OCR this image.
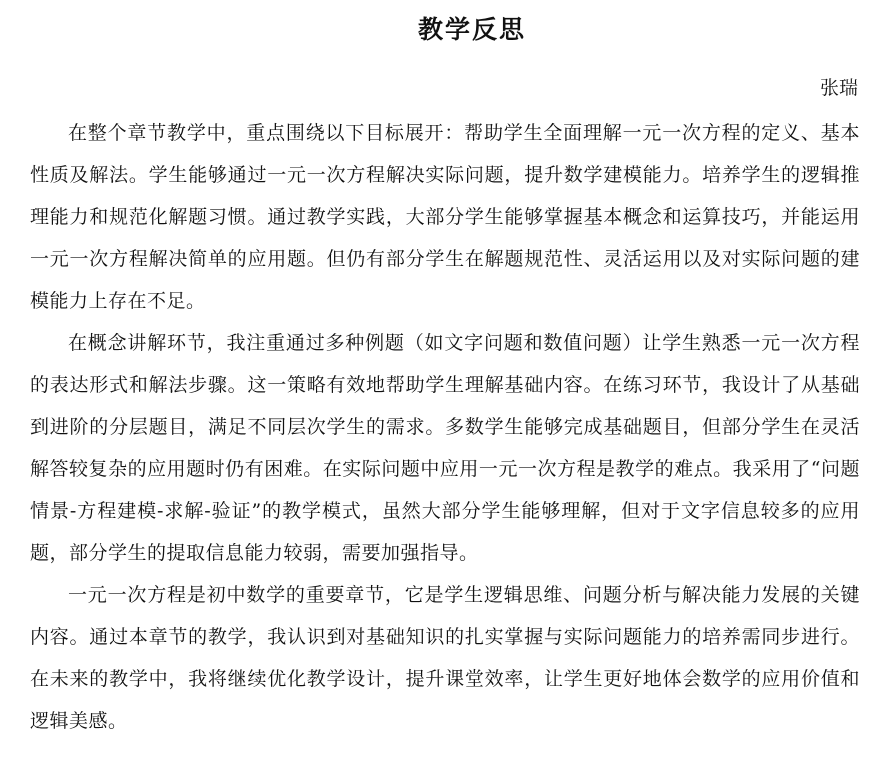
教学反思

张瑞

在整个章节教学中，重点围绕以下目标展开：帮助学生全面理解一元一次方程的定义、基本性质及解法。学生能够通过一元一次方程解决实际问题，提升数学建模能力。培养学生的逻辑推理能力和规范化解题习惯。通过教学实践，大部分学生能够掌握基本概念和运算技巧，并能运用一元一次方程解决简单的应用题。但仍有部分学生在解题规范性、灵活运用以及对实际问题的建模能力上存在不足。

在概念讲解环节，我注重通过多种例题（如文字问题和数值问题）让学生熟悉一元一次方程的表达形式和解法步骤。这一策略有效地帮助学生理解基础内容。在练习环节，我设计了从基础到进阶的分层题目，满足不同层次学生的需求。多数学生能够完成基础题目，但部分学生在灵活解答较复杂的应用题时仍有困难。在实际问题中应用一元一次方程是教学的难点。我采用了“问题情景-方程建模-求解-验证”的教学模式，虽然大部分学生能够理解，但对于文字信息较多的应用题，部分学生的提取信息能力较弱，需要加强指导。

一元一次方程是初中数学的重要章节，它是学生逻辑思维、问题分析与解决能力发展的关键内容。通过本章节的教学，我认识到对基础知识的扎实掌握与实际问题能力的培养需同步进行。在未来的教学中，我将继续优化教学设计，提升课堂效率，让学生更好地体会数学的应用价值和逻辑美感。
